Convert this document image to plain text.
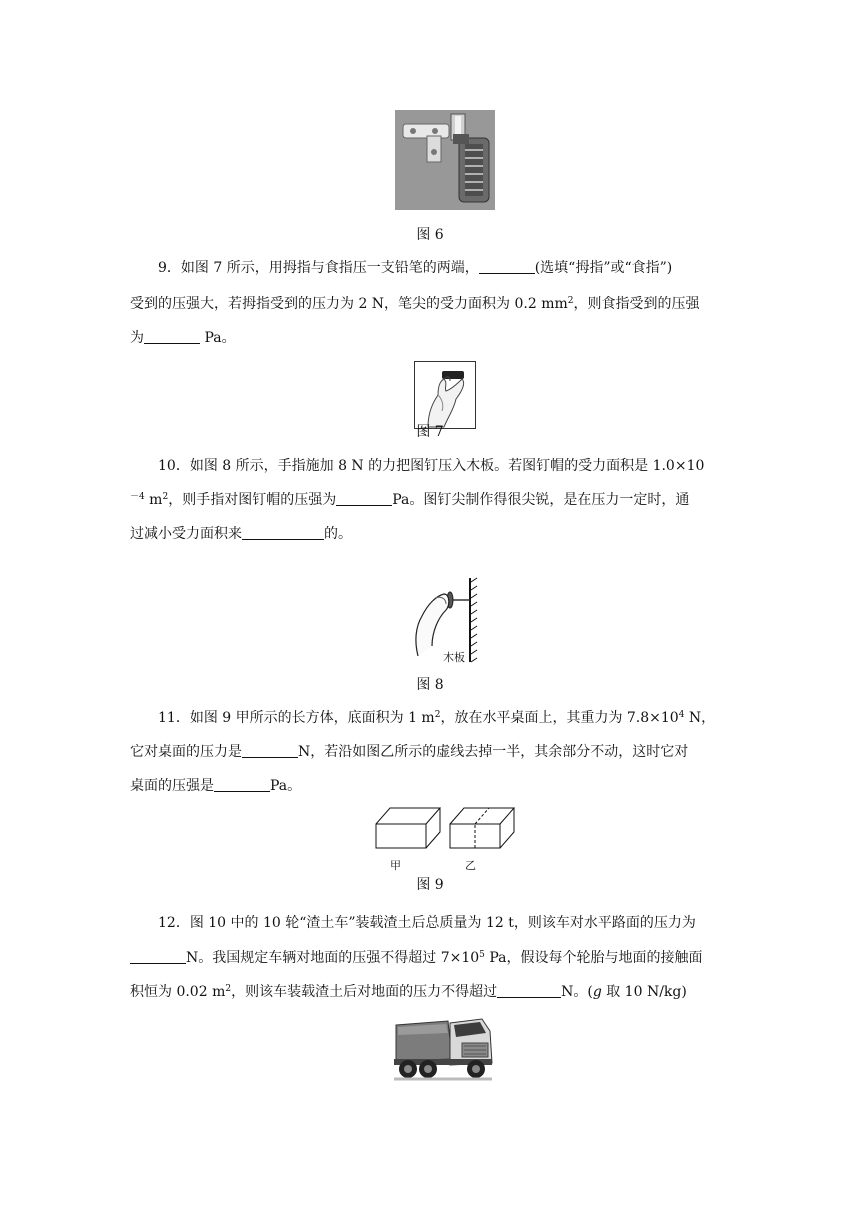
图 6
9．如图 7 所示，用拇指与食指压一支铅笔的两端，	(选填“拇指”或“食指”)
受到的压强大，若拇指受到的压力为 2 N，笔尖的受力面积为 0.2 $mm^2$，则食指受到的压强
为	Pa。
图 7
10．如图 8 所示，手指施加 8 N 的力把图钉压入木板。若图钉帽的受力面积是 1.0×10
$^{-4}$ $m^2$，则手指对图钉帽的压强为	Pa。图钉尖制作得很尖锐，是在压力一定时，通
过减小受力面积来	的。
木板
图 8
11．如图 9 甲所示的长方体，底面积为 1 $m^2$，放在水平桌面上，其重力为 $7.8\times 10^4$ N，
它对桌面的压力是	N，若沿如图乙所示的虚线去掉一半，其余部分不动，这时它对
桌面的压强是	Pa。
甲	乙
图 9
12．图 10 中的 10 轮“渣土车”装载渣土后总质量为 12 t，则该车对水平路面的压力为
N。我国规定车辆对地面的压强不得超过 $7\times 10^5$ Pa，假设每个轮胎与地面的接触面
积恒为 0.02 $m^2$，则该车装载渣土后对地面的压力不得超过	N。(g 取 10 N/kg)
